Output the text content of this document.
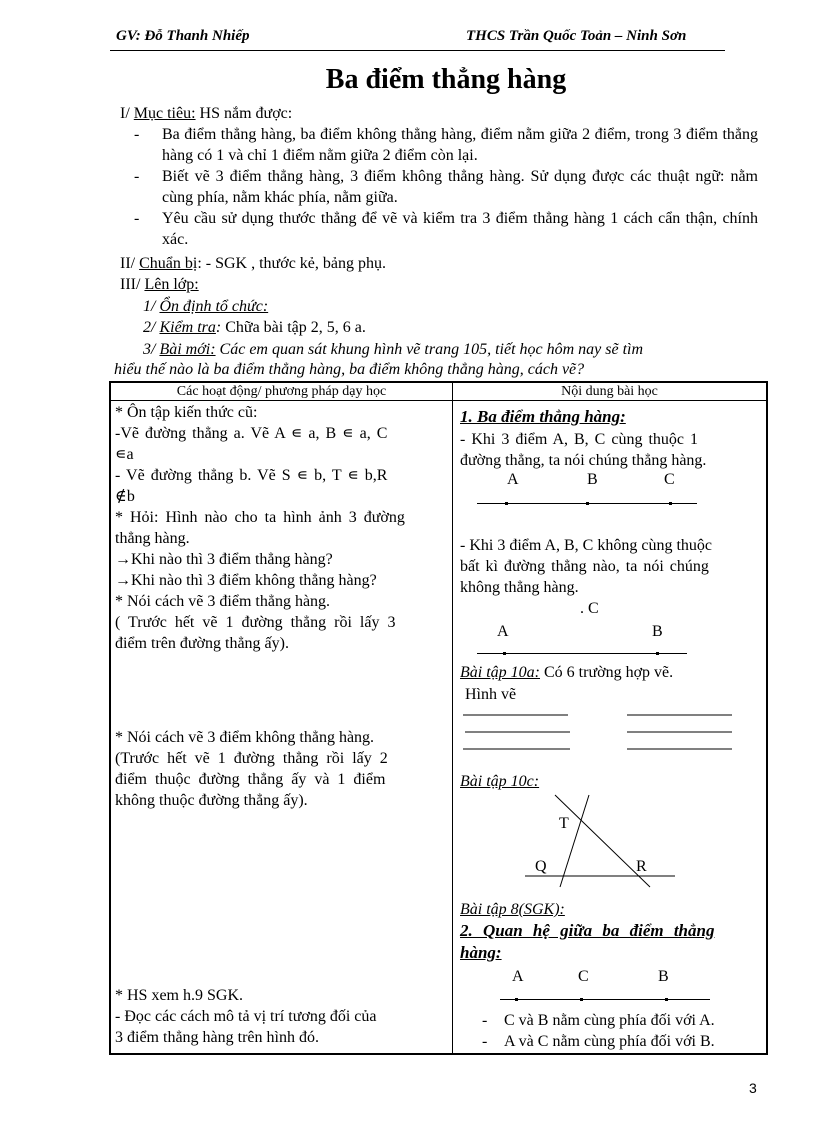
GV: Đỗ Thanh Nhiếp	THCS Trần Quốc Toản – Ninh Sơn
Ba điểm thẳng hàng
I/ Mục tiêu: HS nắm được:
-	Ba điểm thẳng hàng, ba điểm không thẳng hàng, điểm nằm giữa 2 điểm, trong 3 điểm thẳng hàng có 1 và chỉ 1 điểm nằm giữa 2 điểm còn lại.
-	Biết vẽ 3 điểm thẳng hàng, 3 điểm không thẳng hàng. Sử dụng được các thuật ngữ: nằm cùng phía, nằm khác phía, nằm giữa.
-	Yêu cầu sử dụng thước thẳng để vẽ và kiểm tra 3 điểm thẳng hàng 1 cách cẩn thận, chính xác.
II/ Chuẩn bị: - SGK , thước kẻ, bảng phụ.
III/ Lên lớp:
1/ Ổn định tổ chức:
2/ Kiểm tra: Chữa bài tập 2, 5, 6 a.
3/ Bài mới: Các em quan sát khung hình vẽ trang 105, tiết học hôm nay sẽ tìm
hiểu thế nào là ba điểm thẳng hàng, ba điểm không thẳng hàng, cách vẽ?
Các hoạt động/ phương pháp dạy học	Nội dung bài học
* Ôn tập kiến thức cũ:
-Vẽ đường thẳng a. Vẽ A ∊ a, B ∊ a, C
∊a
- Vẽ đường thẳng b. Vẽ S ∊ b, T ∊ b,R
∉b
* Hỏi: Hình nào cho ta hình ảnh 3 đường
thẳng hàng.
→Khi nào thì 3 điểm thẳng hàng?
→Khi nào thì 3 điểm không thẳng hàng?
* Nói cách vẽ 3 điểm thẳng hàng.
( Trước hết vẽ 1 đường thẳng rồi lấy 3
điểm trên đường thẳng ấy).
* Nói cách vẽ 3 điểm không thẳng hàng.
(Trước hết vẽ 1 đường thẳng rồi lấy 2
điểm thuộc đường thẳng ấy và 1 điểm
không thuộc đường thẳng ấy).
* HS xem h.9 SGK.
- Đọc các cách mô tả vị trí tương đối của
3 điểm thẳng hàng trên hình đó.
1. Ba điểm thẳng hàng:
- Khi 3 điểm A, B, C cùng thuộc 1
đường thẳng, ta nói chúng thẳng hàng.
A	B	C
- Khi 3 điểm A, B, C không cùng thuộc
bất kì đường thẳng nào, ta nói chúng
không thẳng hàng.
. C
A	B
Bài tập 10a: Có 6 trường hợp vẽ.
Hình vẽ
Bài tập 10c:
T
Q	R
Bài tập 8(SGK):
2. Quan hệ giữa ba điểm thẳng
hàng:
A	C	B
- C và B nằm cùng phía đối với A.
- A và C nằm cùng phía đối với B.
3
